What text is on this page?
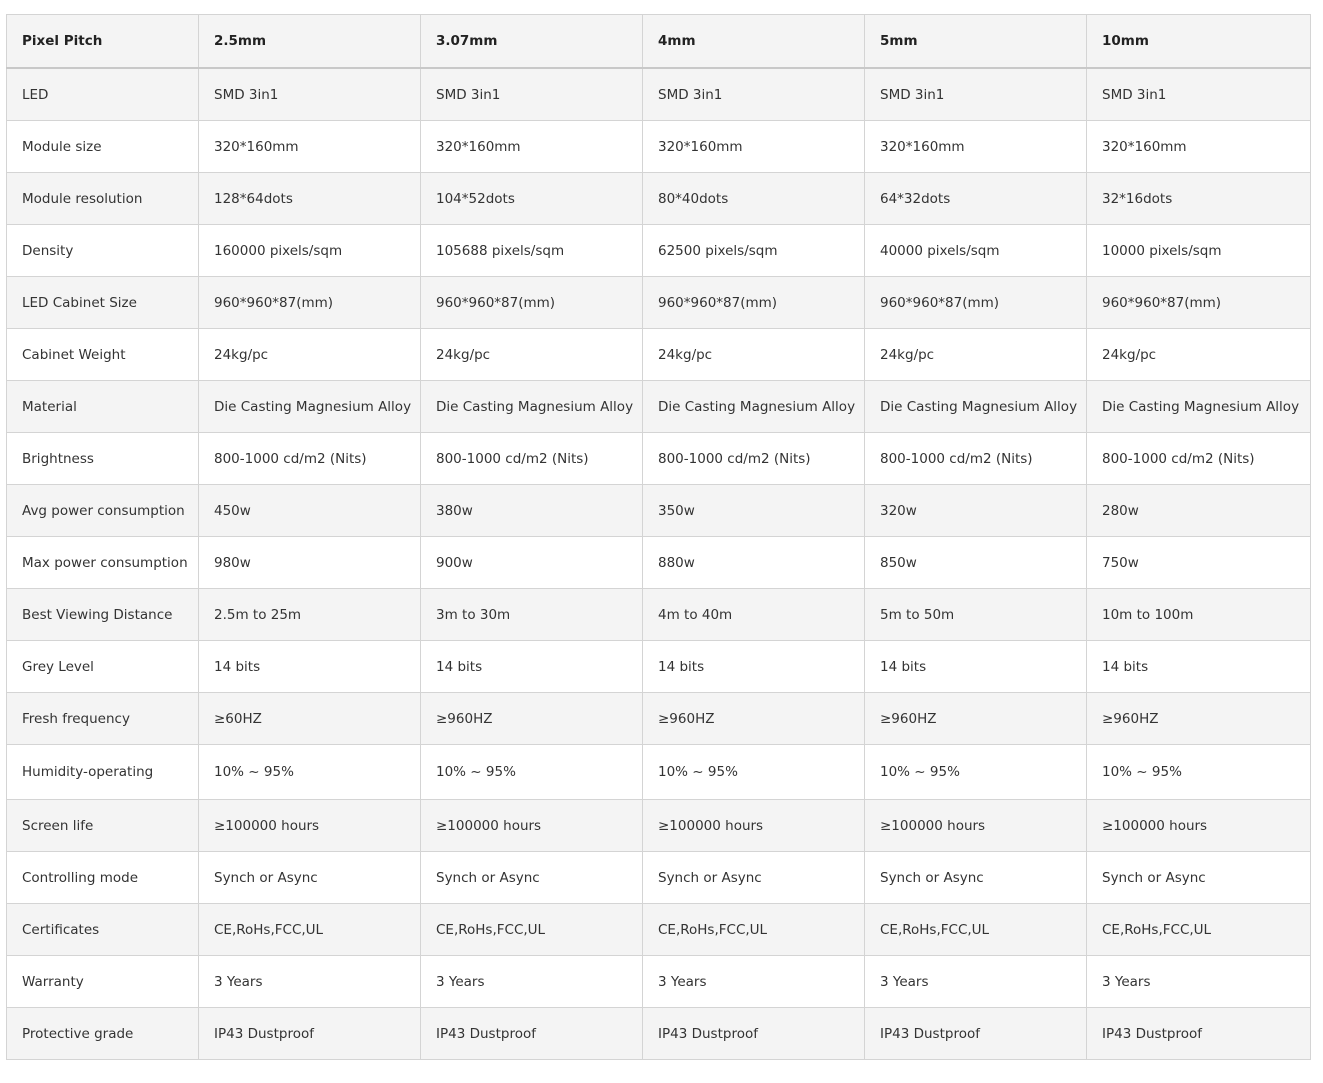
Pixel Pitch	2.5mm	3.07mm	4mm	5mm	10mm
LED	SMD 3in1	SMD 3in1	SMD 3in1	SMD 3in1	SMD 3in1
Module size	320*160mm	320*160mm	320*160mm	320*160mm	320*160mm
Module resolution	128*64dots	104*52dots	80*40dots	64*32dots	32*16dots
Density	160000 pixels/sqm	105688 pixels/sqm	62500 pixels/sqm	40000 pixels/sqm	10000 pixels/sqm
LED Cabinet Size	960*960*87(mm)	960*960*87(mm)	960*960*87(mm)	960*960*87(mm)	960*960*87(mm)
Cabinet Weight	24kg/pc	24kg/pc	24kg/pc	24kg/pc	24kg/pc
Material	Die Casting Magnesium Alloy	Die Casting Magnesium Alloy	Die Casting Magnesium Alloy	Die Casting Magnesium Alloy	Die Casting Magnesium Alloy
Brightness	800-1000 cd/m2 (Nits)	800-1000 cd/m2 (Nits)	800-1000 cd/m2 (Nits)	800-1000 cd/m2 (Nits)	800-1000 cd/m2 (Nits)
Avg power consumption	450w	380w	350w	320w	280w
Max power consumption	980w	900w	880w	850w	750w
Best Viewing Distance	2.5m to 25m	3m to 30m	4m to 40m	5m to 50m	10m to 100m
Grey Level	14 bits	14 bits	14 bits	14 bits	14 bits
Fresh frequency	≥60HZ	≥960HZ	≥960HZ	≥960HZ	≥960HZ
Humidity-operating	10% ~ 95%	10% ~ 95%	10% ~ 95%	10% ~ 95%	10% ~ 95%
Screen life	≥100000 hours	≥100000 hours	≥100000 hours	≥100000 hours	≥100000 hours
Controlling mode	Synch or Async	Synch or Async	Synch or Async	Synch or Async	Synch or Async
Certificates	CE,RoHs,FCC,UL	CE,RoHs,FCC,UL	CE,RoHs,FCC,UL	CE,RoHs,FCC,UL	CE,RoHs,FCC,UL
Warranty	3 Years	3 Years	3 Years	3 Years	3 Years
Protective grade	IP43 Dustproof	IP43 Dustproof	IP43 Dustproof	IP43 Dustproof	IP43 Dustproof
